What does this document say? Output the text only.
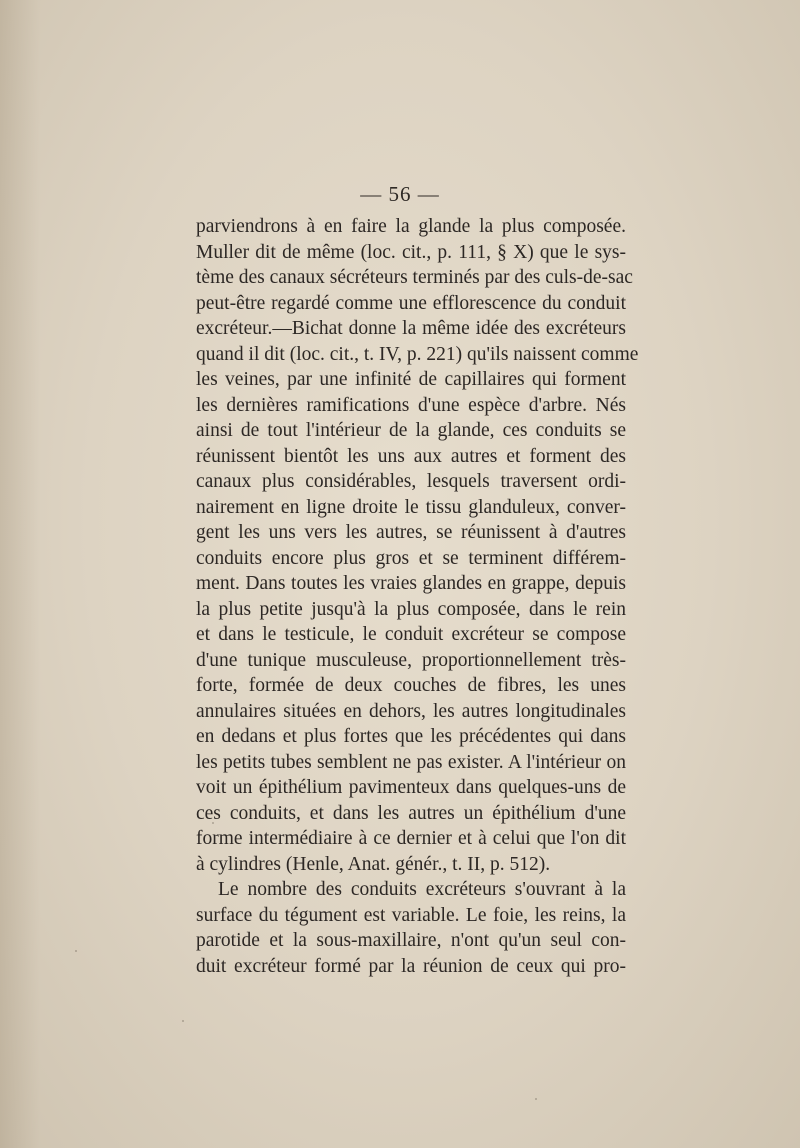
— 56 —
parviendrons à en faire la glande la plus composée.
Muller dit de même (loc. cit., p. 111, § X) que le sys-
tème des canaux sécréteurs terminés par des culs-de-sac
peut-être regardé comme une efflorescence du conduit
excréteur.—Bichat donne la même idée des excréteurs
quand il dit (loc. cit., t. IV, p. 221) qu'ils naissent comme
les veines, par une infinité de capillaires qui forment
les dernières ramifications d'une espèce d'arbre. Nés
ainsi de tout l'intérieur de la glande, ces conduits se
réunissent bientôt les uns aux autres et forment des
canaux plus considérables, lesquels traversent ordi-
nairement en ligne droite le tissu glanduleux, conver-
gent les uns vers les autres, se réunissent à d'autres
conduits encore plus gros et se terminent différem-
ment. Dans toutes les vraies glandes en grappe, depuis
la plus petite jusqu'à la plus composée, dans le rein
et dans le testicule, le conduit excréteur se compose
d'une tunique musculeuse, proportionnellement très-
forte, formée de deux couches de fibres, les unes
annulaires situées en dehors, les autres longitudinales
en dedans et plus fortes que les précédentes qui dans
les petits tubes semblent ne pas exister. A l'intérieur on
voit un épithélium pavimenteux dans quelques-uns de
ces conduits, et dans les autres un épithélium d'une
forme intermédiaire à ce dernier et à celui que l'on dit
à cylindres (Henle, Anat. génér., t. II, p. 512).
Le nombre des conduits excréteurs s'ouvrant à la
surface du tégument est variable. Le foie, les reins, la
parotide et la sous-maxillaire, n'ont qu'un seul con-
duit excréteur formé par la réunion de ceux qui pro-
